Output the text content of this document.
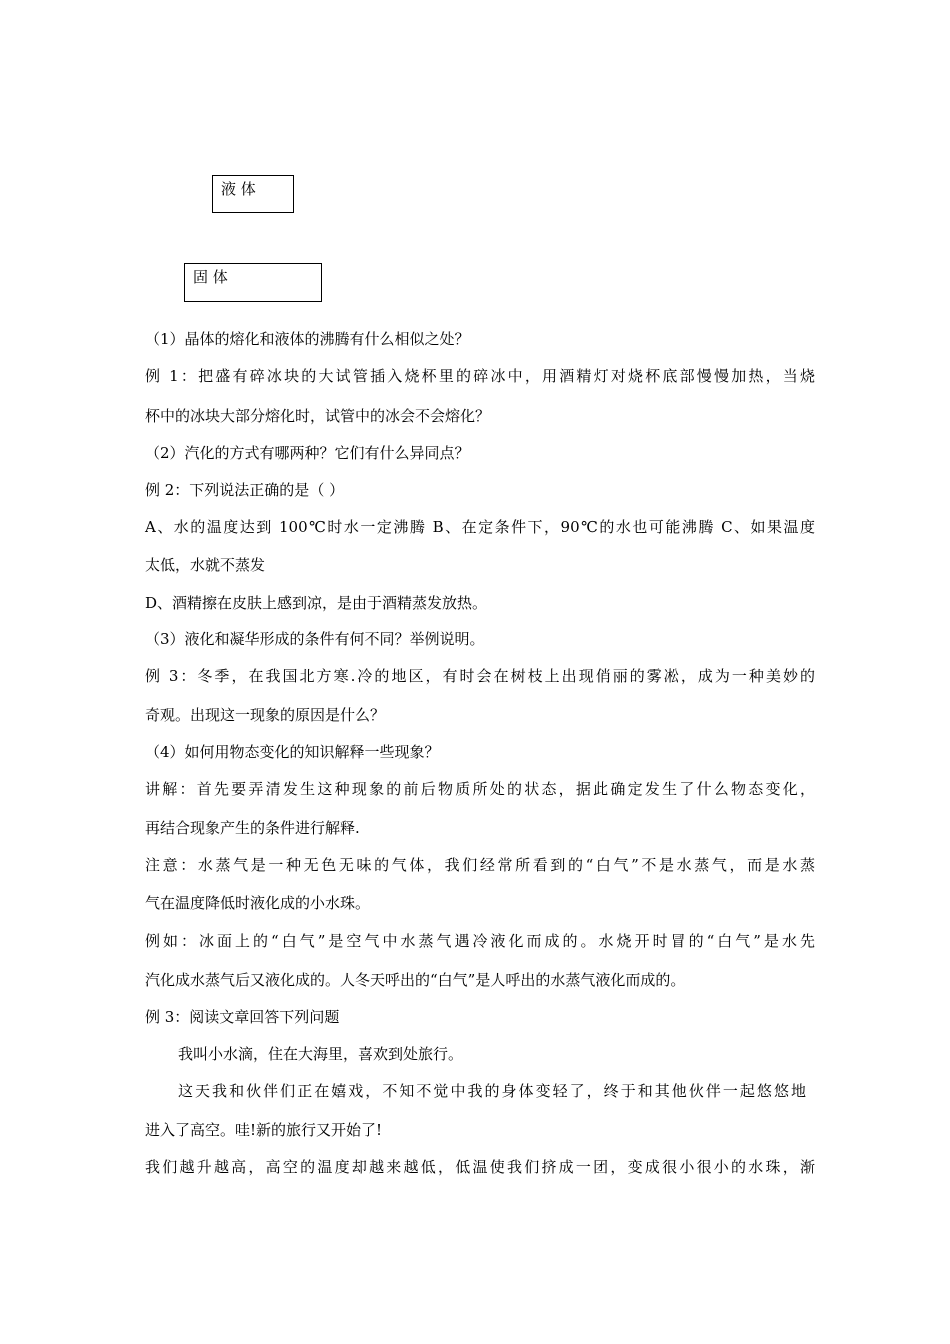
液 体
固 体
（1）晶体的熔化和液体的沸腾有什么相似之处？
例 1：把盛有碎冰块的大试管插入烧杯里的碎冰中，用酒精灯对烧杯底部慢慢加热，当烧
杯中的冰块大部分熔化时，试管中的冰会不会熔化？
（2）汽化的方式有哪两种？它们有什么异同点？
例 2：下列说法正确的是（ ）
A、水的温度达到 100℃时水一定沸腾 B、在定条件下，90℃的水也可能沸腾 C、如果温度
太低，水就不蒸发
D、酒精擦在皮肤上感到凉，是由于酒精蒸发放热。
（3）液化和凝华形成的条件有何不同？举例说明。
例 3：冬季，在我国北方寒.冷的地区，有时会在树枝上出现俏丽的雾凇，成为一种美妙的
奇观。出现这一现象的原因是什么？
（4）如何用物态变化的知识解释一些现象？
讲解：首先要弄清发生这种现象的前后物质所处的状态，据此确定发生了什么物态变化，
再结合现象产生的条件进行解释.
注意：水蒸气是一种无色无味的气体，我们经常所看到的“白气”不是水蒸气，而是水蒸
气在温度降低时液化成的小水珠。
例如：冰面上的“白气”是空气中水蒸气遇冷液化而成的。水烧开时冒的“白气”是水先
汽化成水蒸气后又液化成的。人冬天呼出的“白气”是人呼出的水蒸气液化而成的。
例 3：阅读文章回答下列问题
我叫小水滴，住在大海里，喜欢到处旅行。
这天我和伙伴们正在嬉戏，不知不觉中我的身体变轻了，终于和其他伙伴一起悠悠地
进入了高空。哇!新的旅行又开始了!
我们越升越高，高空的温度却越来越低，低温使我们挤成一团，变成很小很小的水珠，渐
